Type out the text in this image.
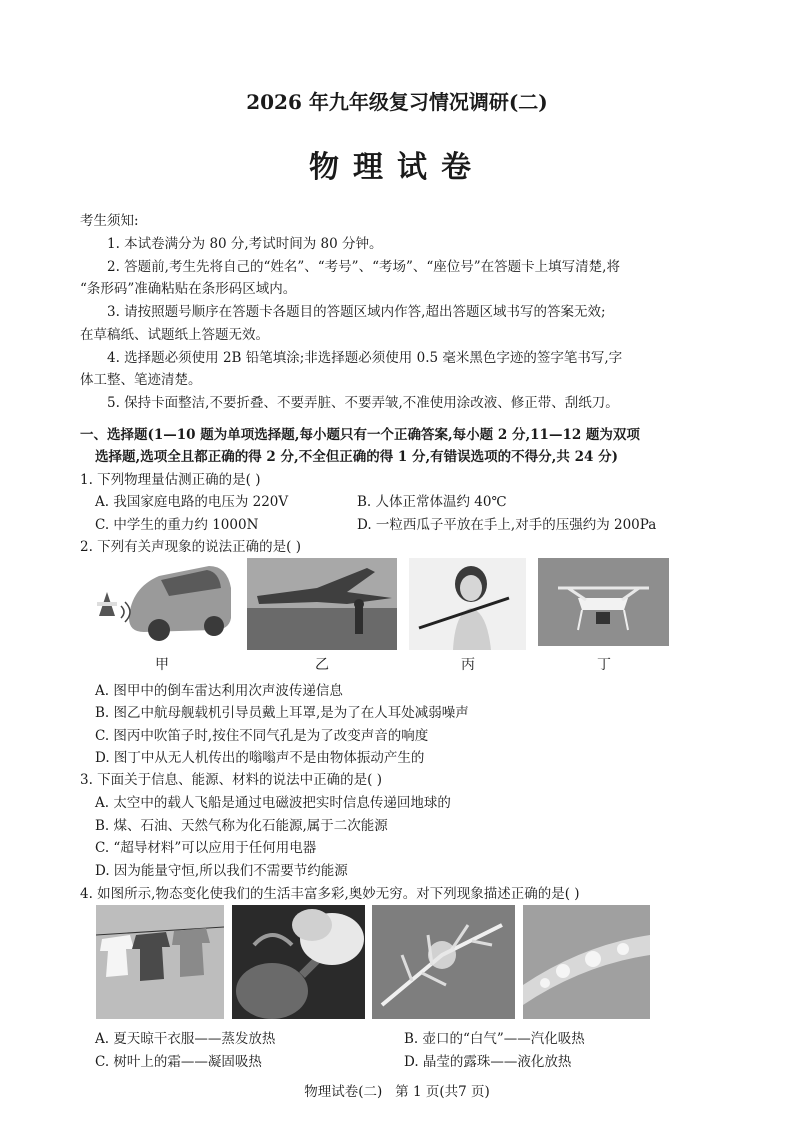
2026 年九年级复习情况调研(二)
物理试卷
考生须知:
1. 本试卷满分为 80 分,考试时间为 80 分钟。
2. 答题前,考生先将自己的“姓名”、“考号”、“考场”、“座位号”在答题卡上填写清楚,将
“条形码”准确粘贴在条形码区域内。
3. 请按照题号顺序在答题卡各题目的答题区域内作答,超出答题区域书写的答案无效;
在草稿纸、试题纸上答题无效。
4. 选择题必须使用 2B 铅笔填涂;非选择题必须使用 0.5 毫米黑色字迹的签字笔书写,字
体工整、笔迹清楚。
5. 保持卡面整洁,不要折叠、不要弄脏、不要弄皱,不准使用涂改液、修正带、刮纸刀。
一、选择题(1—10 题为单项选择题,每小题只有一个正确答案,每小题 2 分,11—12 题为双项
选择题,选项全且都正确的得 2 分,不全但正确的得 1 分,有错误选项的不得分,共 24 分)
1. 下列物理量估测正确的是( )
A. 我国家庭电路的电压为 220V	B. 人体正常体温约 40℃
C. 中学生的重力约 1000N	D. 一粒西瓜子平放在手上,对手的压强约为 200Pa
2. 下列有关声现象的说法正确的是( )
甲	乙	丙	丁
A. 图甲中的倒车雷达利用次声波传递信息
B. 图乙中航母舰载机引导员戴上耳罩,是为了在人耳处减弱噪声
C. 图丙中吹笛子时,按住不同气孔是为了改变声音的响度
D. 图丁中从无人机传出的嗡嗡声不是由物体振动产生的
3. 下面关于信息、能源、材料的说法中正确的是( )
A. 太空中的载人飞船是通过电磁波把实时信息传递回地球的
B. 煤、石油、天然气称为化石能源,属于二次能源
C. “超导材料”可以应用于任何用电器
D. 因为能量守恒,所以我们不需要节约能源
4. 如图所示,物态变化使我们的生活丰富多彩,奥妙无穷。对下列现象描述正确的是( )
A. 夏天晾干衣服——蒸发放热	B. 壶口的“白气”——汽化吸热
C. 树叶上的霜——凝固吸热	D. 晶莹的露珠——液化放热
物理试卷(二)   第 1 页(共7 页)
